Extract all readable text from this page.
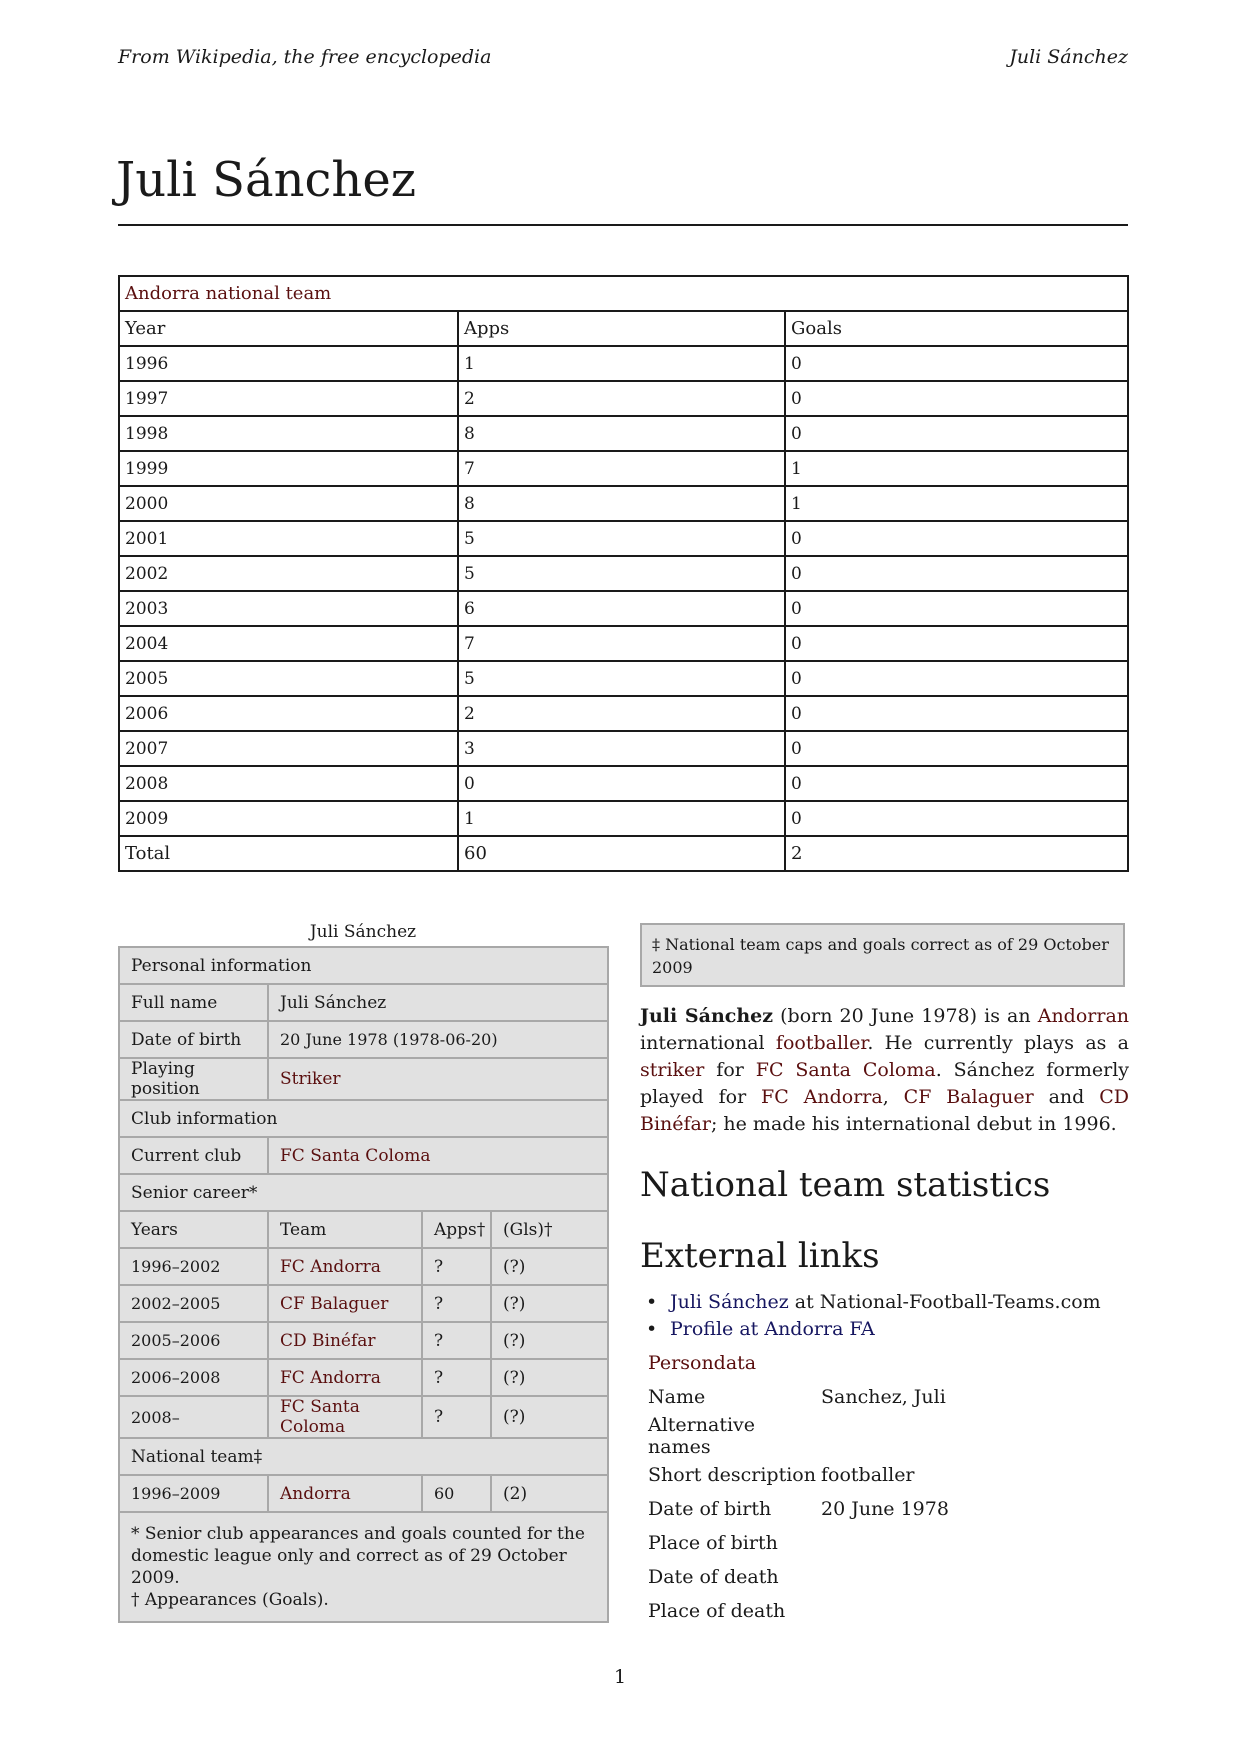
From Wikipedia, the free encyclopedia	Juli Sánchez
Juli Sánchez
Andorra national team		
Year	Apps	Goals
1996	1	0
1997	2	0
1998	8	0
1999	7	1
2000	8	1
2001	5	0
2002	5	0
2003	6	0
2004	7	0
2005	5	0
2006	2	0
2007	3	0
2008	0	0
2009	1	0
Total	60	2
Juli Sánchez
Personal information			
Full name	Juli Sánchez		
Date of birth	20 June 1978 (1978-06-20)		
Playing position	Striker		
Club information			
Current club	FC Santa Coloma		
Senior career*			
Years	Team	Apps†	(Gls)†
1996–2002	FC Andorra	?	(?)
2002–2005	CF Balaguer	?	(?)
2005–2006	CD Binéfar	?	(?)
2006–2008	FC Andorra	?	(?)
2008–	FC Santa Coloma	?	(?)
National team‡			
1996–2009	Andorra	60	(2)

* Senior club appearances and goals counted for the domestic league only and correct as of 29 October 2009.
† Appearances (Goals).			
‡ National team caps and goals correct as of 29 October 2009

Juli Sánchez (born 20 June 1978) is an Andorran international footballer. He currently plays as a striker for FC Santa Coloma. Sánchez formerly played for FC Andorra, CF Balaguer and CD Binéfar; he made his international debut in 1996.

National team statistics
External links
• Juli Sánchez at National-Football-Teams.com
• Profile at Andorra FA
Persondata	
Name	Sanchez, Juli
Alternative names	
Short description	footballer
Date of birth	20 June 1978
Place of birth	
Date of death	
Place of death	
1
